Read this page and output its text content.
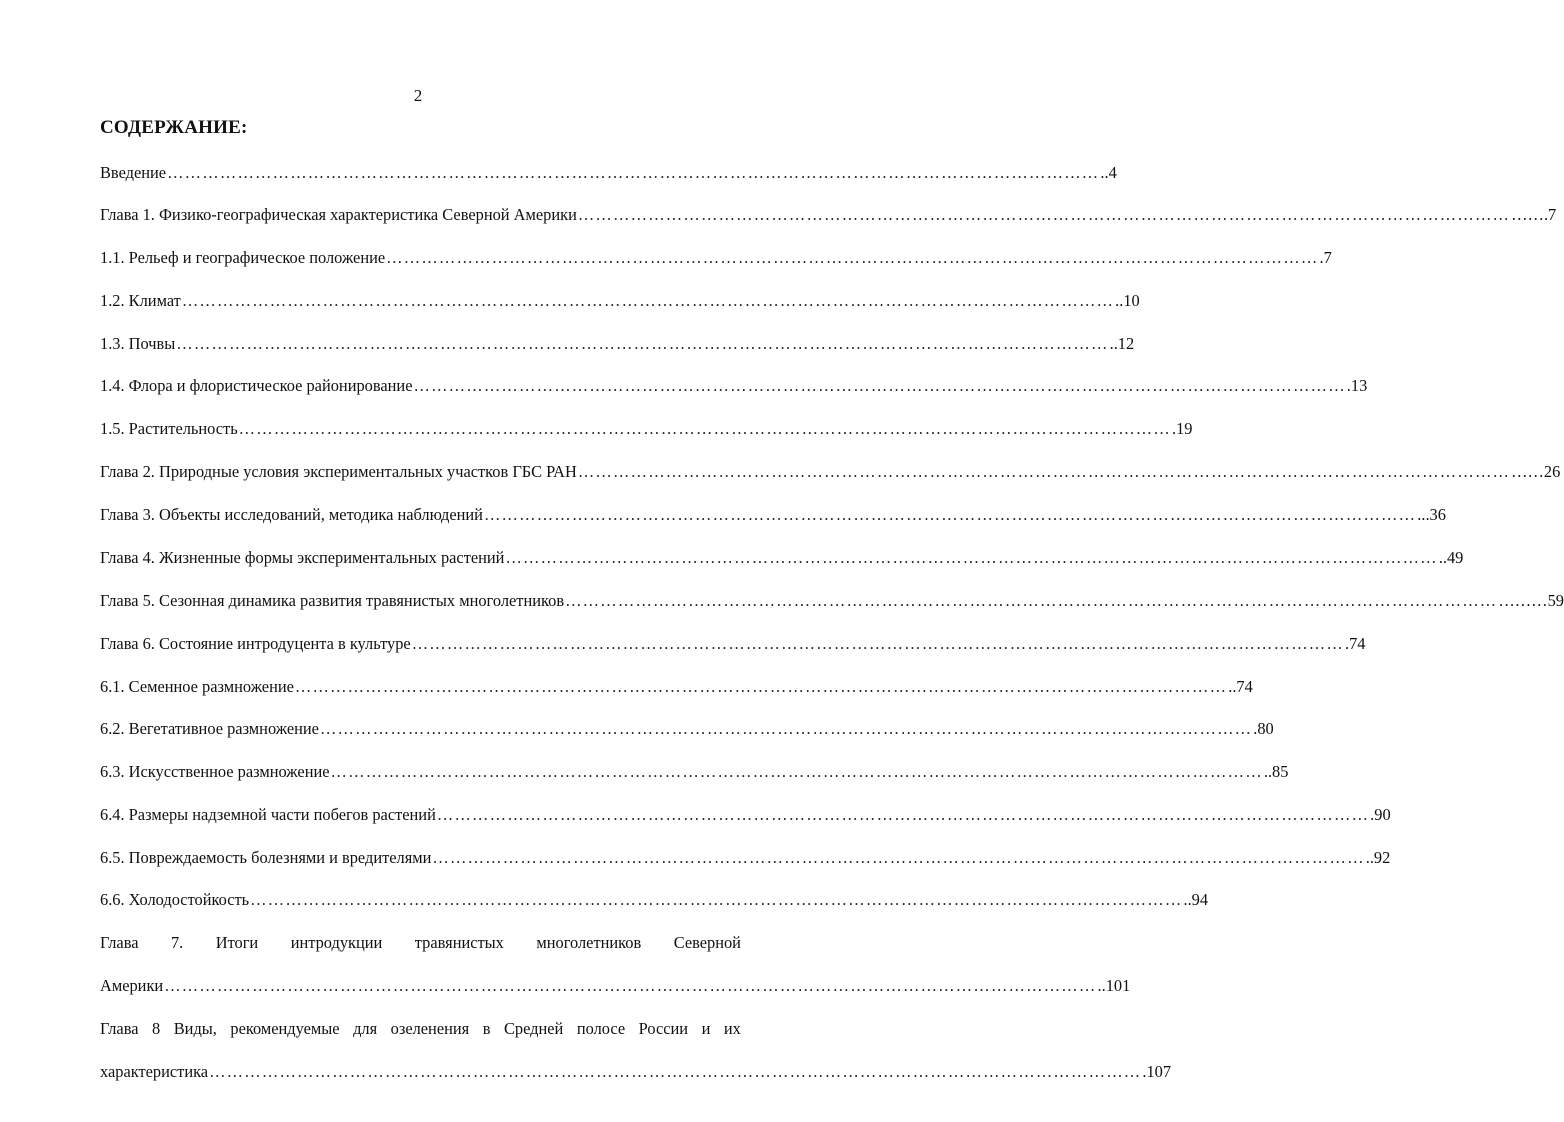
2
СОДЕРЖАНИЕ:
Введение …………………………………………………………………………………………………………………………………………… ..4
Глава 1. Физико-географическая характеристика Северной Америки …………………………………………………………………………………………………………………………………………… …….7
1.1. Рельеф и географическое положение …………………………………………………………………………………………………………………………………………… .7
1.2. Климат …………………………………………………………………………………………………………………………………………… ..10
1.3. Почвы …………………………………………………………………………………………………………………………………………… ..12
1.4. Флора и флористическое районирование …………………………………………………………………………………………………………………………………………… .13
1.5. Растительность …………………………………………………………………………………………………………………………………………… .19
Глава 2. Природные условия экспериментальных участков ГБС РАН …………………………………………………………………………………………………………………………………………… ……26
Глава 3. Объекты исследований, методика наблюдений …………………………………………………………………………………………………………………………………………… ...36
Глава 4. Жизненные формы экспериментальных растений …………………………………………………………………………………………………………………………………………… ..49
Глава 5. Сезонная динамика развития травянистых многолетников …………………………………………………………………………………………………………………………………………… ………59
Глава 6. Состояние интродуцента в культуре …………………………………………………………………………………………………………………………………………… .74
6.1. Семенное размножение …………………………………………………………………………………………………………………………………………… ..74
6.2. Вегетативное размножение …………………………………………………………………………………………………………………………………………… .80
6.3. Искусственное размножение …………………………………………………………………………………………………………………………………………… ..85
6.4. Размеры надземной части побегов растений …………………………………………………………………………………………………………………………………………… .90
6.5. Повреждаемость болезнями и вредителями …………………………………………………………………………………………………………………………………………… ..92
6.6. Холодостойкость …………………………………………………………………………………………………………………………………………… ..94
Глава 7. Итоги интродукции травянистых многолетников Северной
Америки …………………………………………………………………………………………………………………………………………… ..101
Глава 8 Виды, рекомендуемые для озеленения в Средней полосе России и их
характеристика …………………………………………………………………………………………………………………………………………… .107
